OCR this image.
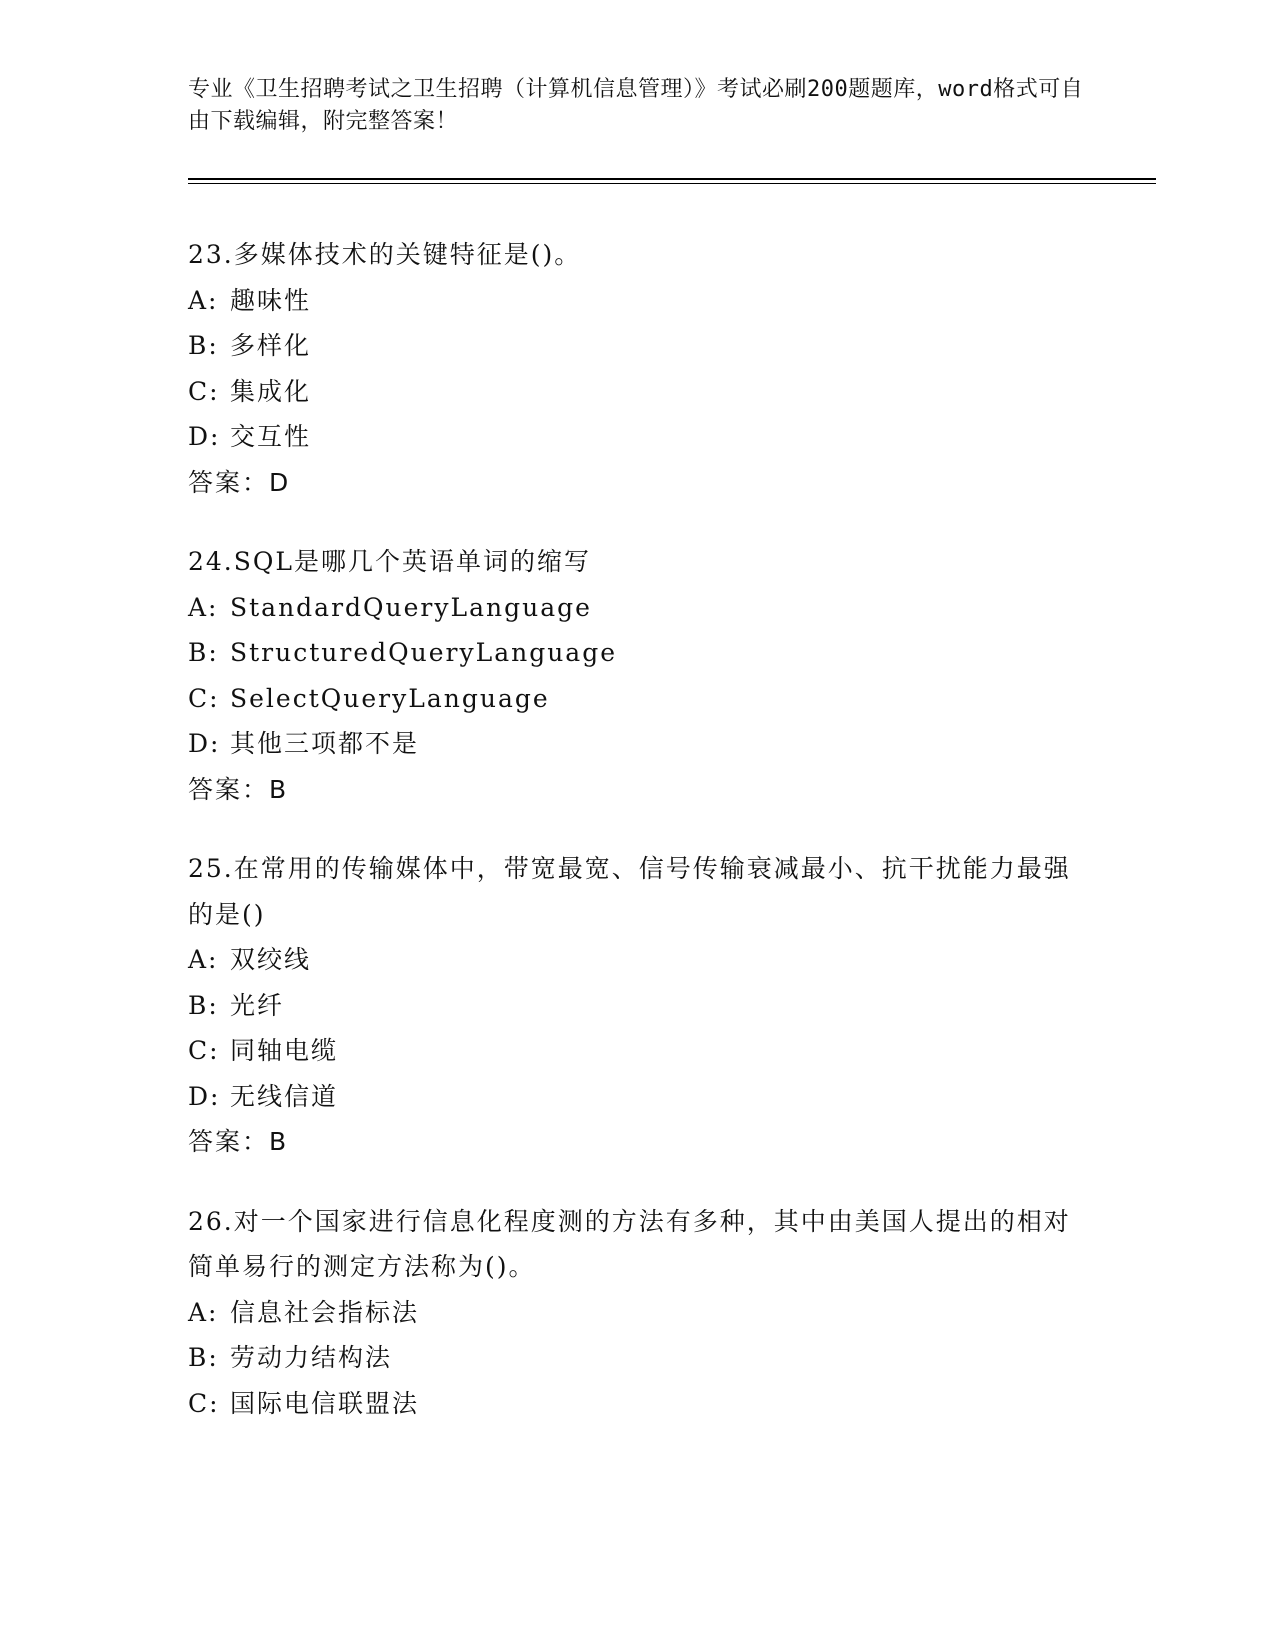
专业《卫生招聘考试之卫生招聘（计算机信息管理）》考试必刷200题题库，word格式可自由下载编辑，附完整答案！
23.多媒体技术的关键特征是()。
A: 趣味性
B: 多样化
C: 集成化
D: 交互性
答案：D
24.SQL是哪几个英语单词的缩写
A: StandardQueryLanguage
B: StructuredQueryLanguage
C: SelectQueryLanguage
D: 其他三项都不是
答案：B
25.在常用的传输媒体中，带宽最宽、信号传输衰减最小、抗干扰能力最强的是()
A: 双绞线
B: 光纤
C: 同轴电缆
D: 无线信道
答案：B
26.对一个国家进行信息化程度测的方法有多种，其中由美国人提出的相对简单易行的测定方法称为()。
A: 信息社会指标法
B: 劳动力结构法
C: 国际电信联盟法
